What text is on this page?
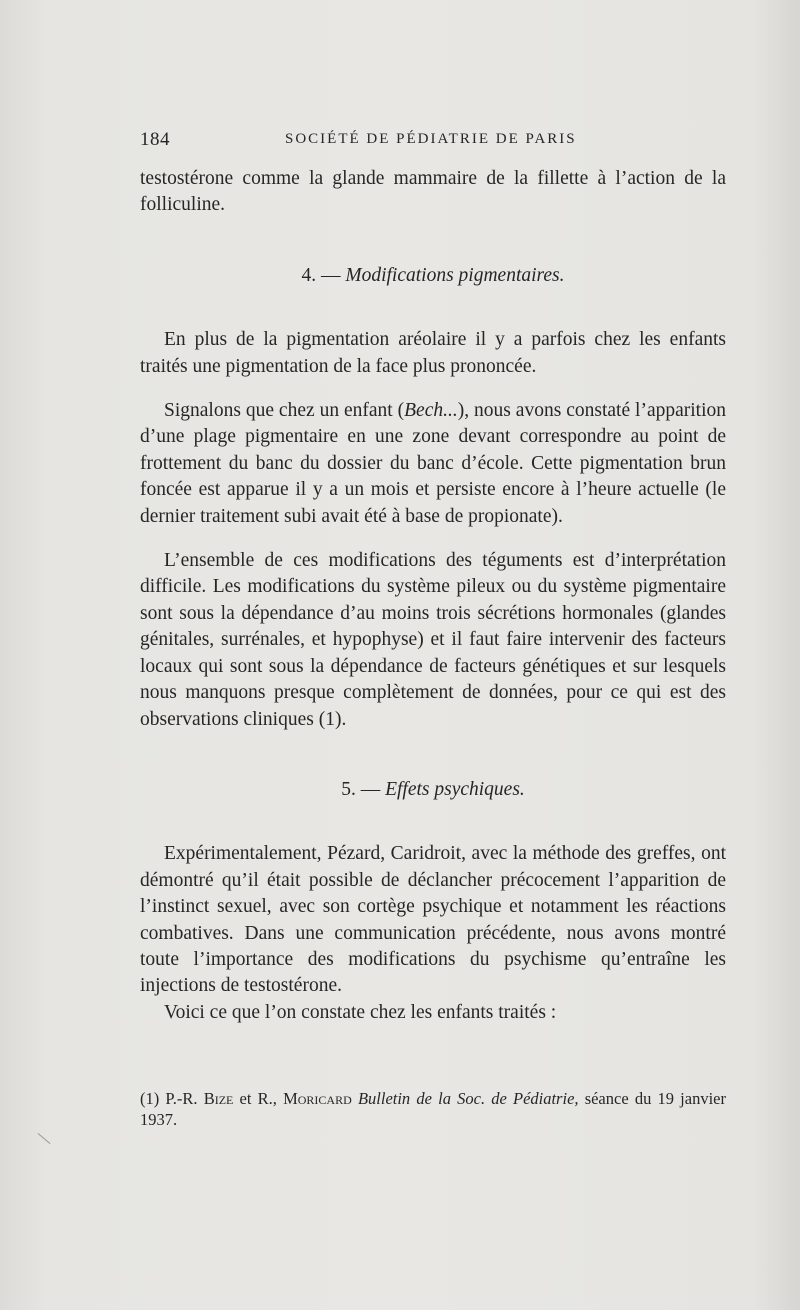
184	SOCIÉTÉ DE PÉDIATRIE DE PARIS

testostérone comme la glande mammaire de la fillette à l’action de la folliculine.

4. — Modifications pigmentaires.

En plus de la pigmentation aréolaire il y a parfois chez les enfants traités une pigmentation de la face plus prononcée.

Signalons que chez un enfant (Bech...), nous avons constaté l’apparition d’une plage pigmentaire en une zone devant correspondre au point de frottement du banc du dossier du banc d’école. Cette pigmentation brun foncée est apparue il y a un mois et persiste encore à l’heure actuelle (le dernier traitement subi avait été à base de propionate).

L’ensemble de ces modifications des téguments est d’interprétation difficile. Les modifications du système pileux ou du système pigmentaire sont sous la dépendance d’au moins trois sécrétions hormonales (glandes génitales, surrénales, et hypophyse) et il faut faire intervenir des facteurs locaux qui sont sous la dépendance de facteurs génétiques et sur lesquels nous manquons presque complètement de données, pour ce qui est des observations cliniques (1).

5. — Effets psychiques.

Expérimentalement, Pézard, Caridroit, avec la méthode des greffes, ont démontré qu’il était possible de déclancher précocement l’apparition de l’instinct sexuel, avec son cortège psychique et notamment les réactions combatives. Dans une communication précédente, nous avons montré toute l’importance des modifications du psychisme qu’entraîne les injections de testostérone.

Voici ce que l’on constate chez les enfants traités :

(1) P.-R. Bize et R., Moricard Bulletin de la Soc. de Pédiatrie, séance du 19 janvier 1937.
